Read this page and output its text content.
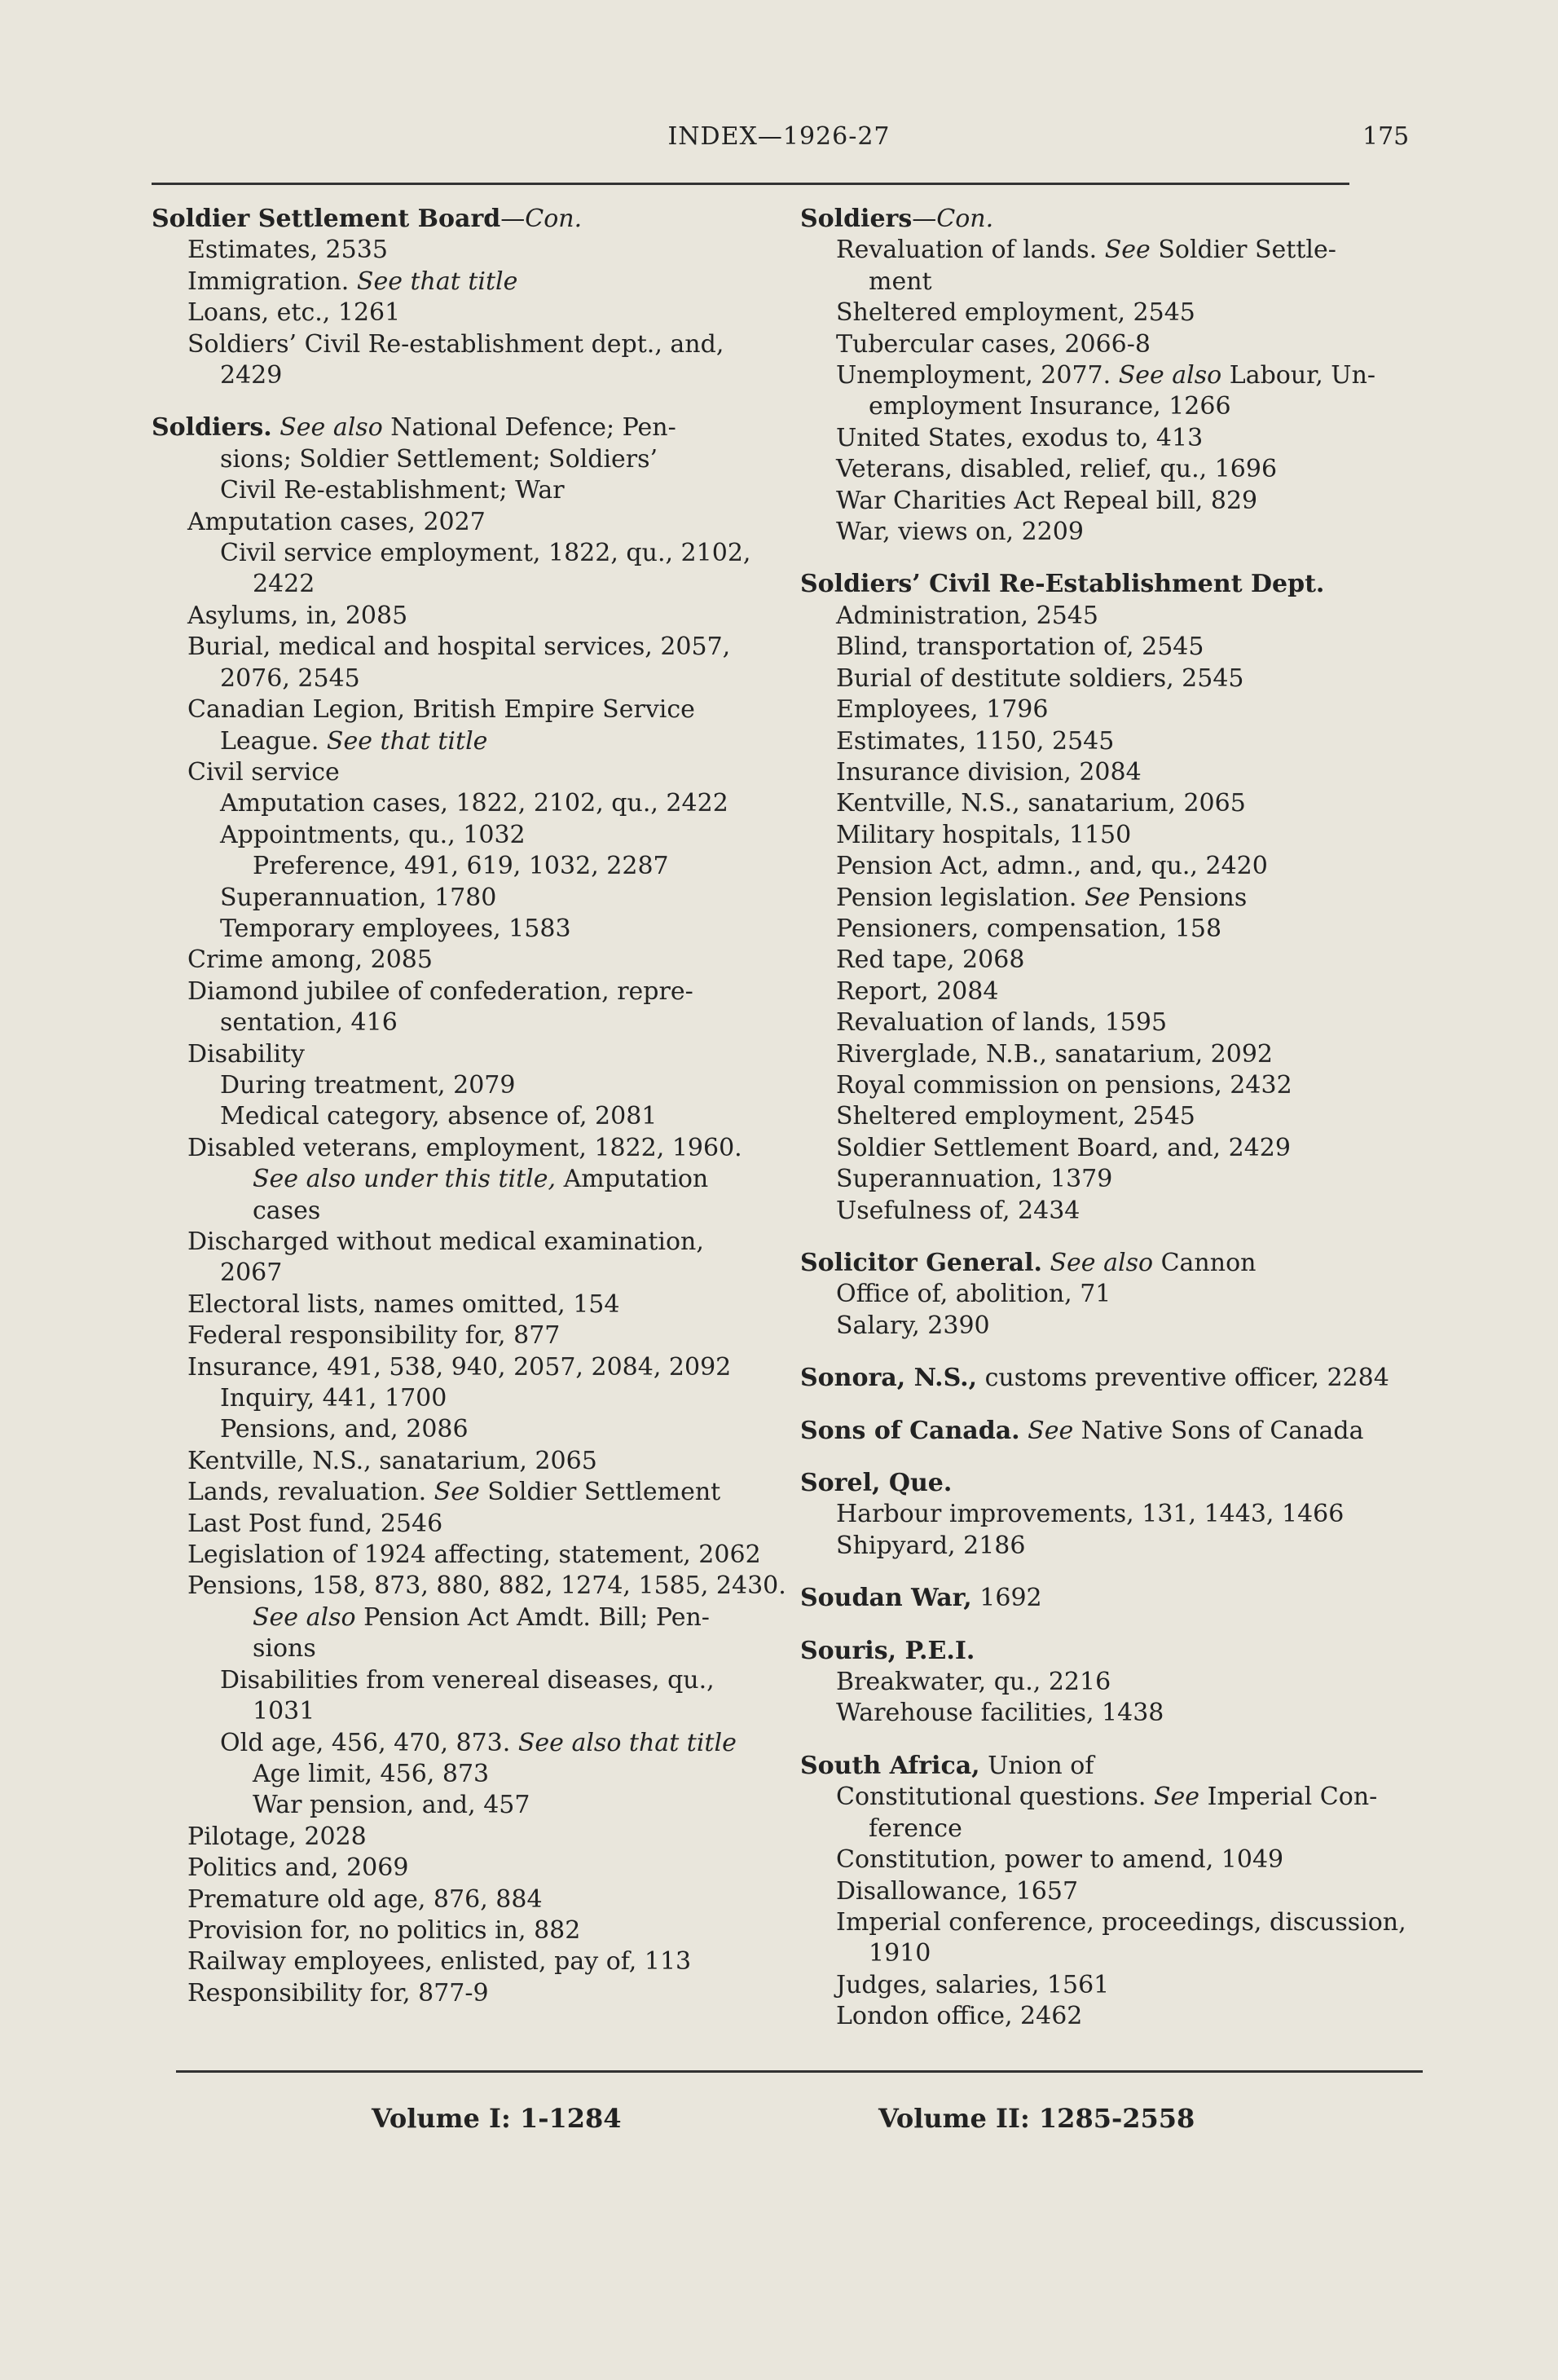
INDEX—1926-27	175
Soldier Settlement Board—Con.
Estimates, 2535
Immigration. See that title
Loans, etc., 1261
Soldiers’ Civil Re-establishment dept., and,
2429
Soldiers. See also National Defence; Pen-
sions; Soldier Settlement; Soldiers’
Civil Re-establishment; War
Amputation cases, 2027
Civil service employment, 1822, qu., 2102,
2422
Asylums, in, 2085
Burial, medical and hospital services, 2057,
2076, 2545
Canadian Legion, British Empire Service
League. See that title
Civil service
Amputation cases, 1822, 2102, qu., 2422
Appointments, qu., 1032
Preference, 491, 619, 1032, 2287
Superannuation, 1780
Temporary employees, 1583
Crime among, 2085
Diamond jubilee of confederation, repre-
sentation, 416
Disability
During treatment, 2079
Medical category, absence of, 2081
Disabled veterans, employment, 1822, 1960.
See also under this title, Amputation
cases
Discharged without medical examination,
2067
Electoral lists, names omitted, 154
Federal responsibility for, 877
Insurance, 491, 538, 940, 2057, 2084, 2092
Inquiry, 441, 1700
Pensions, and, 2086
Kentville, N.S., sanatarium, 2065
Lands, revaluation. See Soldier Settlement
Last Post fund, 2546
Legislation of 1924 affecting, statement, 2062
Pensions, 158, 873, 880, 882, 1274, 1585, 2430.
See also Pension Act Amdt. Bill; Pen-
sions
Disabilities from venereal diseases, qu.,
1031
Old age, 456, 470, 873. See also that title
Age limit, 456, 873
War pension, and, 457
Pilotage, 2028
Politics and, 2069
Premature old age, 876, 884
Provision for, no politics in, 882
Railway employees, enlisted, pay of, 113
Responsibility for, 877-9
Soldiers—Con.
Revaluation of lands. See Soldier Settle-
ment
Sheltered employment, 2545
Tubercular cases, 2066-8
Unemployment, 2077. See also Labour, Un-
employment Insurance, 1266
United States, exodus to, 413
Veterans, disabled, relief, qu., 1696
War Charities Act Repeal bill, 829
War, views on, 2209
Soldiers’ Civil Re-Establishment Dept.
Administration, 2545
Blind, transportation of, 2545
Burial of destitute soldiers, 2545
Employees, 1796
Estimates, 1150, 2545
Insurance division, 2084
Kentville, N.S., sanatarium, 2065
Military hospitals, 1150
Pension Act, admn., and, qu., 2420
Pension legislation. See Pensions
Pensioners, compensation, 158
Red tape, 2068
Report, 2084
Revaluation of lands, 1595
Riverglade, N.B., sanatarium, 2092
Royal commission on pensions, 2432
Sheltered employment, 2545
Soldier Settlement Board, and, 2429
Superannuation, 1379
Usefulness of, 2434
Solicitor General. See also Cannon
Office of, abolition, 71
Salary, 2390
Sonora, N.S., customs preventive officer, 2284
Sons of Canada. See Native Sons of Canada
Sorel, Que.
Harbour improvements, 131, 1443, 1466
Shipyard, 2186
Soudan War, 1692
Souris, P.E.I.
Breakwater, qu., 2216
Warehouse facilities, 1438
South Africa, Union of
Constitutional questions. See Imperial Con-
ference
Constitution, power to amend, 1049
Disallowance, 1657
Imperial conference, proceedings, discussion,
1910
Judges, salaries, 1561
London office, 2462
Volume I: 1-1284	Volume II: 1285-2558
